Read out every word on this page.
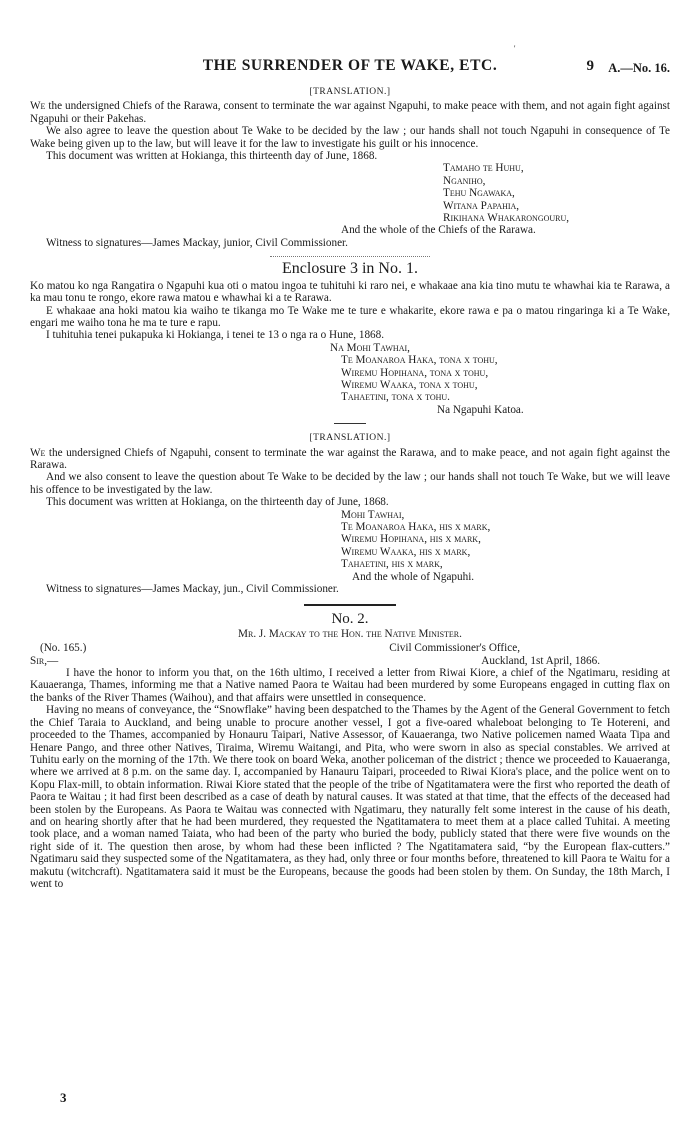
'
THE SURRENDER OF TE WAKE, ETC.	9 A.—No. 16.
[TRANSLATION.]

We the undersigned Chiefs of the Rarawa, consent to terminate the war against Ngapuhi, to make peace with them, and not again fight against Ngapuhi or their Pakehas.

We also agree to leave the question about Te Wake to be decided by the law ; our hands shall not touch Ngapuhi in consequence of Te Wake being given up to the law, but will leave it for the law to investigate his guilt or his innocence.

This document was written at Hokianga, this thirteenth day of June, 1868.

Tamaho te Huhu,
Nganiho,
Tehu Ngawaka,
Witana Papahia,
Rikihana Whakarongouru,
And the whole of the Chiefs of the Rarawa.

Witness to signatures—James Mackay, junior, Civil Commissioner.

Enclosure 3 in No. 1.

Ko matou ko nga Rangatira o Ngapuhi kua oti o matou ingoa te tuhituhi ki raro nei, e whakaae ana kia tino mutu te whawhai kia te Rarawa, a ka mau tonu te rongo, ekore rawa matou e whawhai ki a te Rarawa.

E whakaae ana hoki matou kia waiho te tikanga mo Te Wake me te ture e whakarite, ekore rawa e pa o matou ringaringa ki a Te Wake, engari me waiho tona he ma te ture e rapu.

I tuhituhia tenei pukapuka ki Hokianga, i tenei te 13 o nga ra o Hune, 1868.

Na Mohi Tawhai,
Te Moanaroa Haka, tona x tohu,
Wiremu Hopihana, tona x tohu,
Wiremu Waaka, tona x tohu,
Tahaetini, tona x tohu.
Na Ngapuhi Katoa.
[TRANSLATION.]

We the undersigned Chiefs of Ngapuhi, consent to terminate the war against the Rarawa, and to make peace, and not again fight against the Rarawa.

And we also consent to leave the question about Te Wake to be decided by the law ; our hands shall not touch Te Wake, but we will leave his offence to be investigated by the law.

This document was written at Hokianga, on the thirteenth day of June, 1868.

Mohi Tawhai,
Te Moanaroa Haka, his x mark,
Wiremu Hopihana, his x mark,
Wiremu Waaka, his x mark,
Tahaetini, his x mark,
And the whole of Ngapuhi.

Witness to signatures—James Mackay, jun., Civil Commissioner.

No. 2.
Mr. J. Mackay to the Hon. the Native Minister.
(No. 165.)	Civil Commissioner's Office,
Sir,—	Auckland, 1st April, 1866.

I have the honor to inform you that, on the 16th ultimo, I received a letter from Riwai Kiore, a chief of the Ngatimaru, residing at Kauaeranga, Thames, informing me that a Native named Paora te Waitau had been murdered by some Europeans engaged in cutting flax on the banks of the River Thames (Waihou), and that affairs were unsettled in consequence.

Having no means of conveyance, the “Snowflake” having been despatched to the Thames by the Agent of the General Government to fetch the Chief Taraia to Auckland, and being unable to procure another vessel, I got a five-oared whaleboat belonging to Te Hotereni, and proceeded to the Thames, accompanied by Honauru Taipari, Native Assessor, of Kauaeranga, two Native policemen named Waata Tipa and Henare Pango, and three other Natives, Tiraima, Wiremu Waitangi, and Pita, who were sworn in also as special constables. We arrived at Tuhitu early on the morning of the 17th. We there took on board Weka, another policeman of the district ; thence we proceeded to Kauaeranga, where we arrived at 8 p.m. on the same day. I, accompanied by Hanauru Taipari, proceeded to Riwai Kiora's place, and the police went on to Kopu Flax-mill, to obtain information. Riwai Kiore stated that the people of the tribe of Ngatitamatera were the first who reported the death of Paora te Waitau ; it had first been described as a case of death by natural causes. It was stated at that time, that the effects of the deceased had been stolen by the Europeans. As Paora te Waitau was connected with Ngatimaru, they naturally felt some interest in the cause of his death, and on hearing shortly after that he had been murdered, they requested the Ngatitamatera to meet them at a place called Tuhitai. A meeting took place, and a woman named Taiata, who had been of the party who buried the body, publicly stated that there were five wounds on the right side of it. The question then arose, by whom had these been inflicted ? The Ngatitamatera said, “by the European flax-cutters.” Ngatimaru said they suspected some of the Ngatitamatera, as they had, only three or four months before, threatened to kill Paora te Waitu for a makutu (witchcraft). Ngatitamatera said it must be the Europeans, because the goods had been stolen by them. On Sunday, the 18th March, I went to

3
